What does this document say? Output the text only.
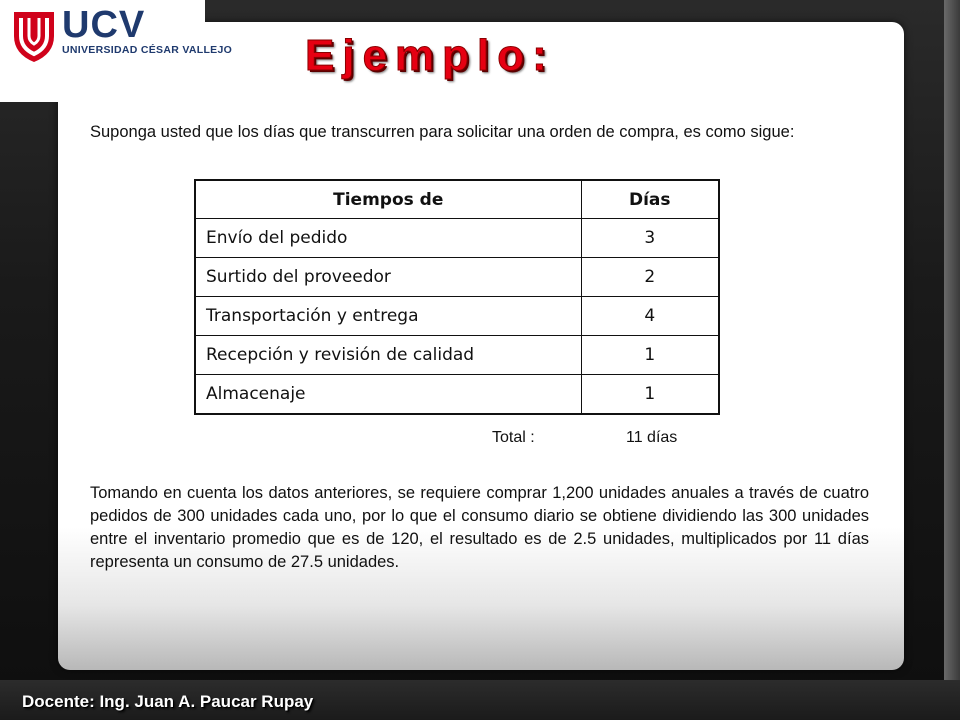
UCV
UNIVERSIDAD CÉSAR VALLEJO Ejemplo:
Suponga usted que los días que transcurren para solicitar una orden de compra, es como sigue:
Tiempos de	Días
Envío del pedido	3
Surtido del proveedor	2
Transportación y entrega	4
Recepción y revisión de calidad	1
Almacenaje	1
Total :	11 días
Tomando en cuenta los datos anteriores, se requiere comprar 1,200 unidades anuales a través de cuatro pedidos de 300 unidades cada uno, por lo que el consumo diario se obtiene dividiendo las 300 unidades entre el inventario promedio que es de 120, el resultado es de 2.5 unidades, multiplicados por 11 días representa un consumo de 27.5 unidades.
Docente: Ing. Juan A. Paucar Rupay
